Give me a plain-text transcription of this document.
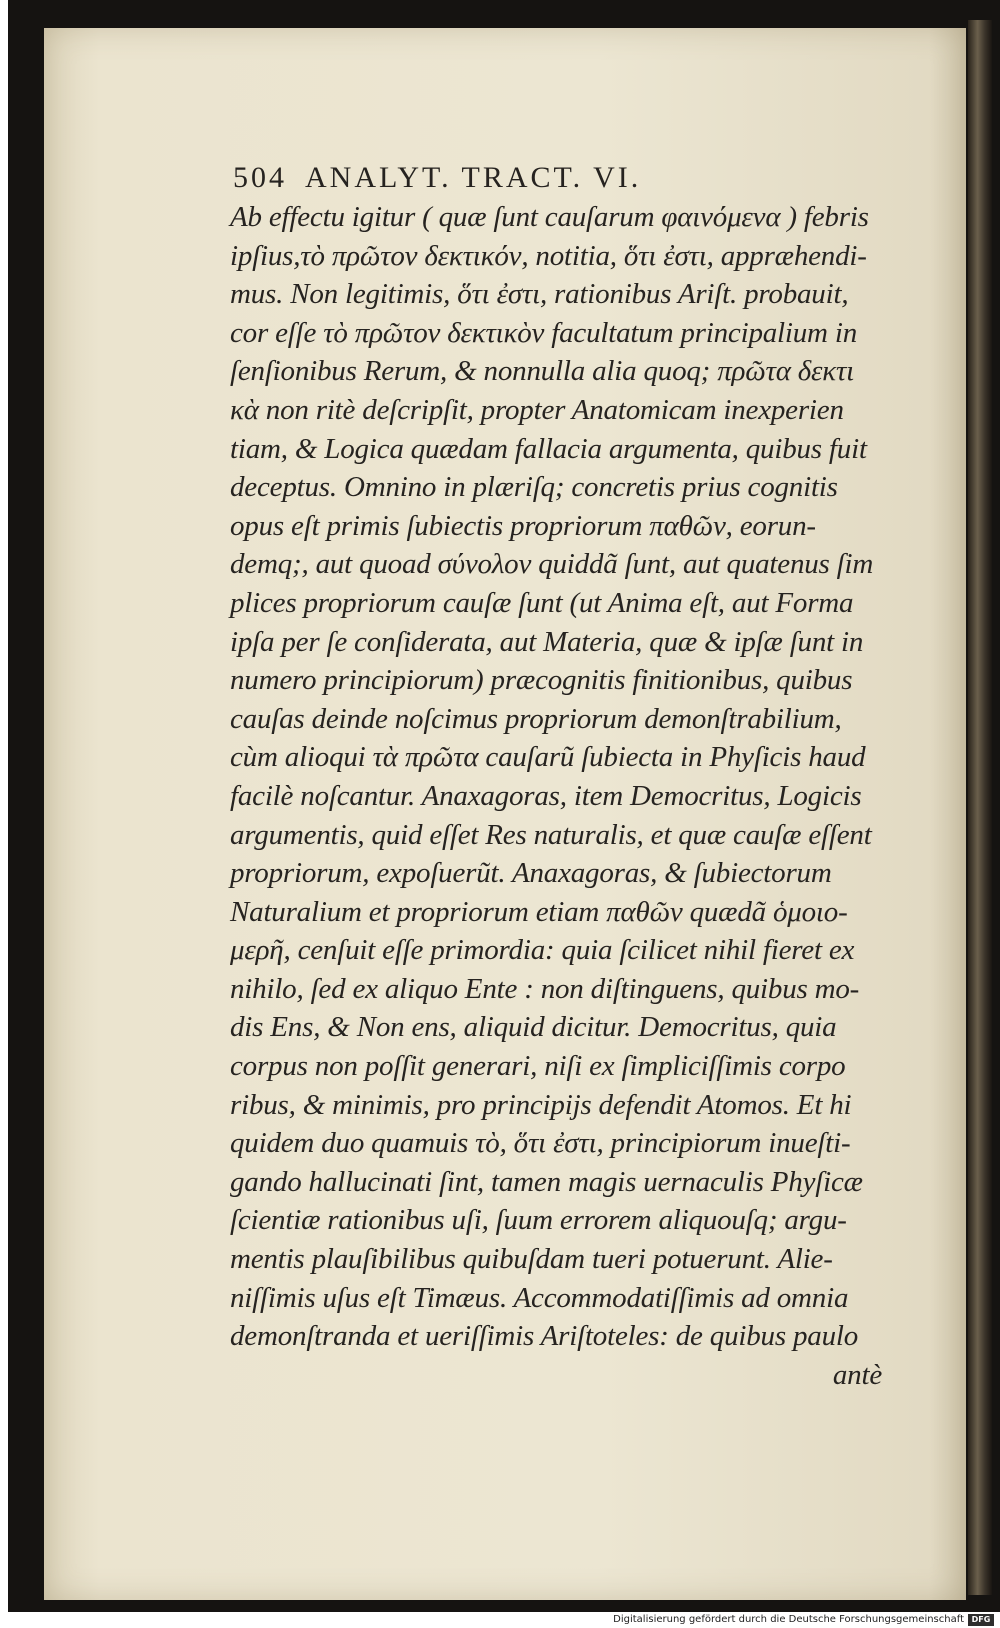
504 ANALYT. TRACT. VI.
Ab effectu igitur ( quæ ſunt cauſarum φαινόμενα ) febris
ipſius,τὸ πρῶτον δεκτικόν, notitia, ὅτι ἐστι, appræhendi-
mus. Non legitimis, ὅτι ἐστι, rationibus Ariſt. probauit,
cor eſſe τὸ πρῶτον δεκτικὸν facultatum principalium in
ſenſionibus Rerum, & nonnulla alia quoq; πρῶτα δεκτι
κὰ non ritè deſcripſit, propter Anatomicam inexperien
tiam, & Logica quædam fallacia argumenta, quibus fuit
deceptus. Omnino in plæriſq; concretis prius cognitis
opus eſt primis ſubiectis propriorum παθῶν, eorun-
demq;, aut quoad σύνολον quiddã ſunt, aut quatenus ſim
plices propriorum cauſæ ſunt (ut Anima eſt, aut Forma
ipſa per ſe conſiderata, aut Materia, quæ & ipſæ ſunt in
numero principiorum) præcognitis finitionibus, quibus
cauſas deinde noſcimus propriorum demonſtrabilium,
cùm alioqui τὰ πρῶτα cauſarũ ſubiecta in Phyſicis haud
facilè noſcantur. Anaxagoras, item Democritus, Logicis
argumentis, quid eſſet Res naturalis, et quæ cauſæ eſſent
propriorum, expoſuerũt. Anaxagoras, & ſubiectorum
Naturalium et propriorum etiam παθῶν quædã ὁμοιο-
μερῆ, cenſuit eſſe primordia: quia ſcilicet nihil fieret ex
nihilo, ſed ex aliquo Ente : non diſtinguens, quibus mo-
dis Ens, & Non ens, aliquid dicitur. Democritus, quia
corpus non poſſit generari, niſi ex ſimpliciſſimis corpo
ribus, & minimis, pro principijs defendit Atomos. Et hi
quidem duo quamuis τὸ, ὅτι ἐστι, principiorum inueſti-
gando hallucinati ſint, tamen magis uernaculis Phyſicæ
ſcientiæ rationibus uſi, ſuum errorem aliquouſq; argu-
mentis plauſibilibus quibuſdam tueri potuerunt. Alie-
niſſimis uſus eſt Timæus. Accommodatiſſimis ad omnia
demonſtranda et ueriſſimis Ariſtoteles: de quibus paulo
antè
Digitalisierung gefördert durch die Deutsche Forschungsgemeinschaft DFG
